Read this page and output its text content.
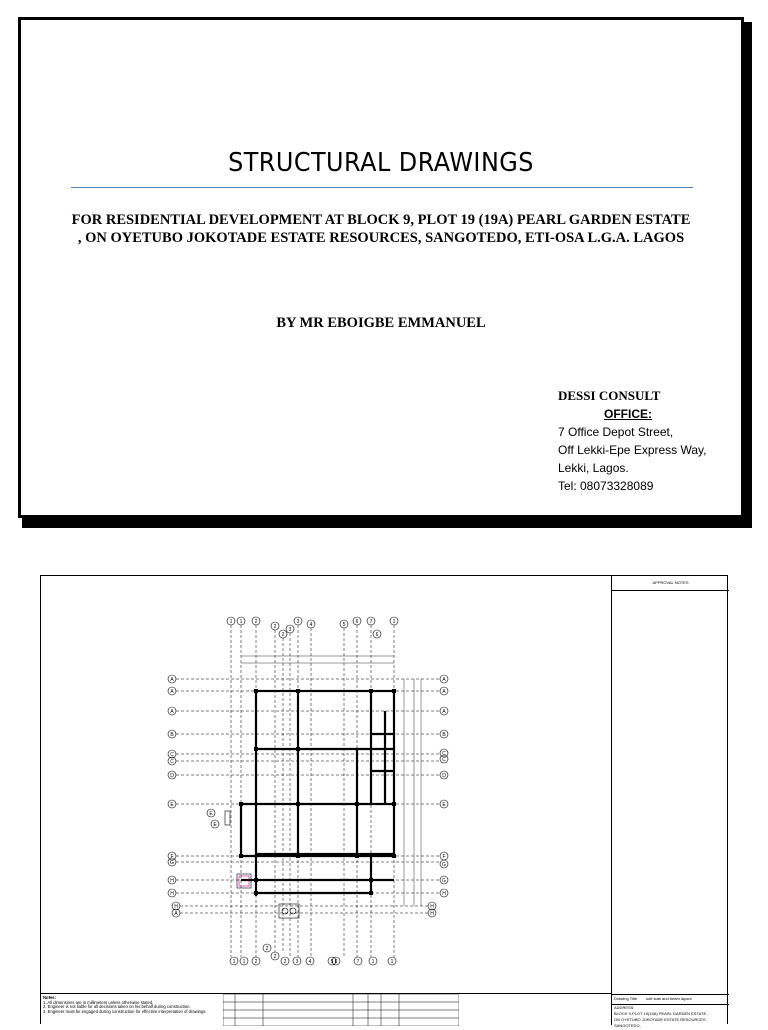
STRUCTURAL DRAWINGS
FOR RESIDENTIAL DEVELOPMENT AT BLOCK 9, PLOT 19 (19A) PEARL GARDEN ESTATE , ON OYETUBO JOKOTADE ESTATE RESOURCES, SANGOTEDO, ETI-OSA L.G.A. LAGOS
BY MR EBOIGBE EMMANUEL
DESSI CONSULT
OFFICE:
7 Office Depot Street,
Off Lekki-Epe Express Way,
Lekki, Lagos.
Tel: 08073328089
1 1 2
2
2
3
3 4	5 6 7
6
1
1 1 2
2
2
2 3 4	5 6	7 1	1
A
A
A
B
C
C
D
E
E
E
F
G
H
H
H
A
A
A
A
B
C
C
D
E
F
G
G
H
H
H
APPROVAL NOTES
Drawing Title soft slab and beam layout
ADDRESS:
BLOCK 9,PLOT 19(19A) PEARL GARDEN ESTATE ,
ON OYETUBO JOKOTADE ESTATE RESOURCES, SANGOTEDO,
Notes:
1. All dimensions are in millimeters unless otherwise stated.
2. Engineer is not liable for all decisions taken on his behalf during construction.
3. Engineer must be engaged during construction for effective interpretation of drawings.
